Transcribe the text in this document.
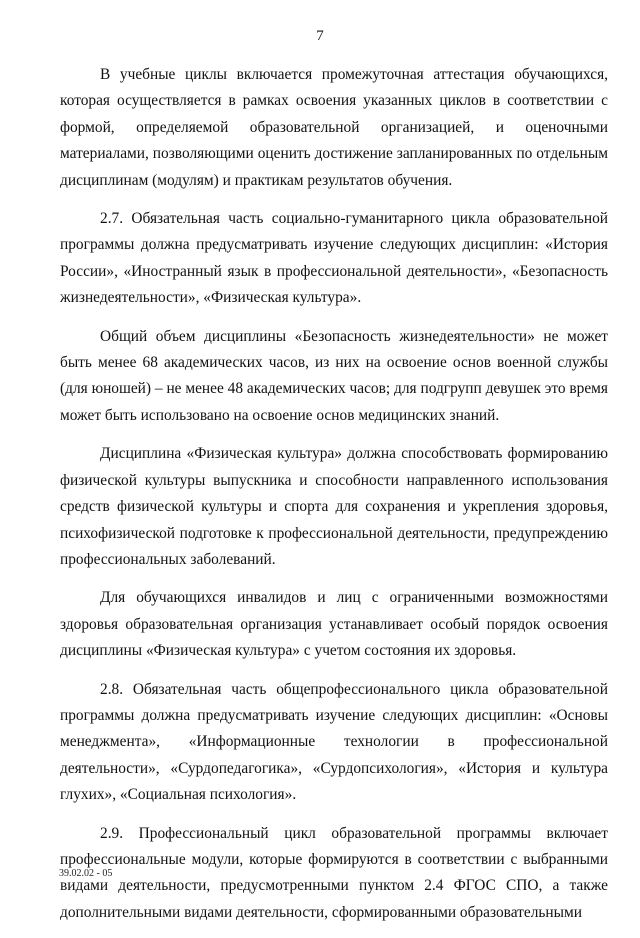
7

В учебные циклы включается промежуточная аттестация обучающихся, которая осуществляется в рамках освоения указанных циклов в соответствии с формой, определяемой образовательной организацией, и оценочными материалами, позволяющими оценить достижение запланированных по отдельным дисциплинам (модулям) и практикам результатов обучения.

2.7. Обязательная часть социально-гуманитарного цикла образовательной программы должна предусматривать изучение следующих дисциплин: «История России», «Иностранный язык в профессиональной деятельности», «Безопасность жизнедеятельности», «Физическая культура».

Общий объем дисциплины «Безопасность жизнедеятельности» не может быть менее 68 академических часов, из них на освоение основ военной службы (для юношей) – не менее 48 академических часов; для подгрупп девушек это время может быть использовано на освоение основ медицинских знаний.

Дисциплина «Физическая культура» должна способствовать формированию физической культуры выпускника и способности направленного использования средств физической культуры и спорта для сохранения и укрепления здоровья, психофизической подготовке к профессиональной деятельности, предупреждению профессиональных заболеваний.

Для обучающихся инвалидов и лиц с ограниченными возможностями здоровья образовательная организация устанавливает особый порядок освоения дисциплины «Физическая культура» с учетом состояния их здоровья.

2.8. Обязательная часть общепрофессионального цикла образовательной программы должна предусматривать изучение следующих дисциплин: «Основы менеджмента», «Информационные технологии в профессиональной деятельности», «Сурдопедагогика», «Сурдопсихология», «История и культура глухих», «Социальная психология».

2.9. Профессиональный цикл образовательной программы включает профессиональные модули, которые формируются в соответствии с выбранными видами деятельности, предусмотренными пунктом 2.4 ФГОС СПО, а также дополнительными видами деятельности, сформированными образовательными

39.02.02 - 05
